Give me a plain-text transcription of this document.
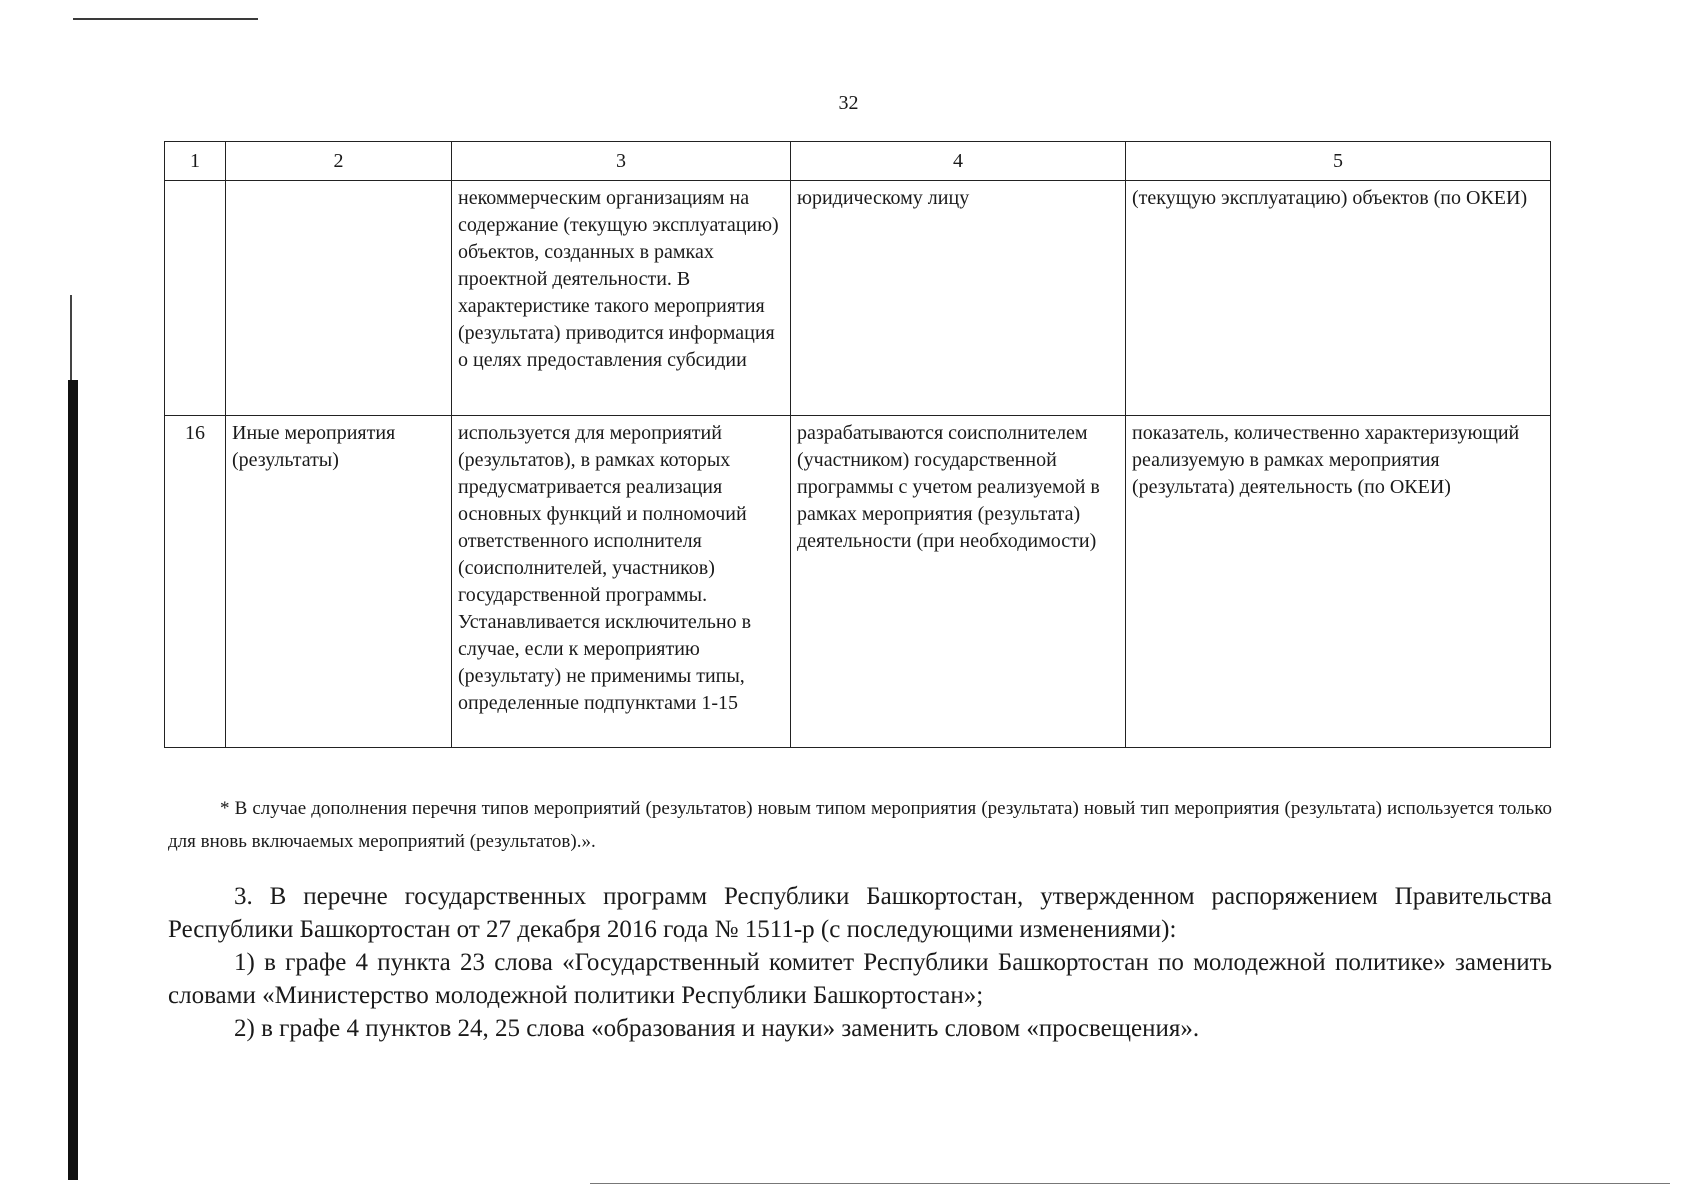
32
1	2	3	4	5
		некоммерческим организациям на содержание (текущую эксплуатацию) объектов, созданных в рамках проектной деятельности. В характеристике такого мероприятия (результата) приводится информация о целях предоставления субсидии	юридическому лицу	(текущую эксплуатацию) объектов (по ОКЕИ)
16	Иные мероприятия (результаты)	используется для мероприятий (результатов), в рамках которых предусматривается реализация основных функций и полномочий ответственного исполнителя (соисполнителей, участников) государственной программы. Устанавливается исключительно в случае, если к мероприятию (результату) не применимы типы, определенные подпунктами 1-15	разрабатываются соисполнителем (участником) государственной программы с учетом реализуемой в рамках мероприятия (результата) деятельности (при необходимости)	показатель, количественно характеризующий реализуемую в рамках мероприятия (результата) деятельность (по ОКЕИ)

* В случае дополнения перечня типов мероприятий (результатов) новым типом мероприятия (результата) новый тип мероприятия (результата) используется только для вновь включаемых мероприятий (результатов).».

3. В перечне государственных программ Республики Башкортостан, утвержденном распоряжением Правительства Республики Башкортостан от 27 декабря 2016 года № 1511-р (с последующими изменениями):

1) в графе 4 пункта 23 слова «Государственный комитет Республики Башкортостан по молодежной политике» заменить словами «Министерство молодежной политики Республики Башкортостан»;

2) в графе 4 пунктов 24, 25 слова «образования и науки» заменить словом «просвещения».
